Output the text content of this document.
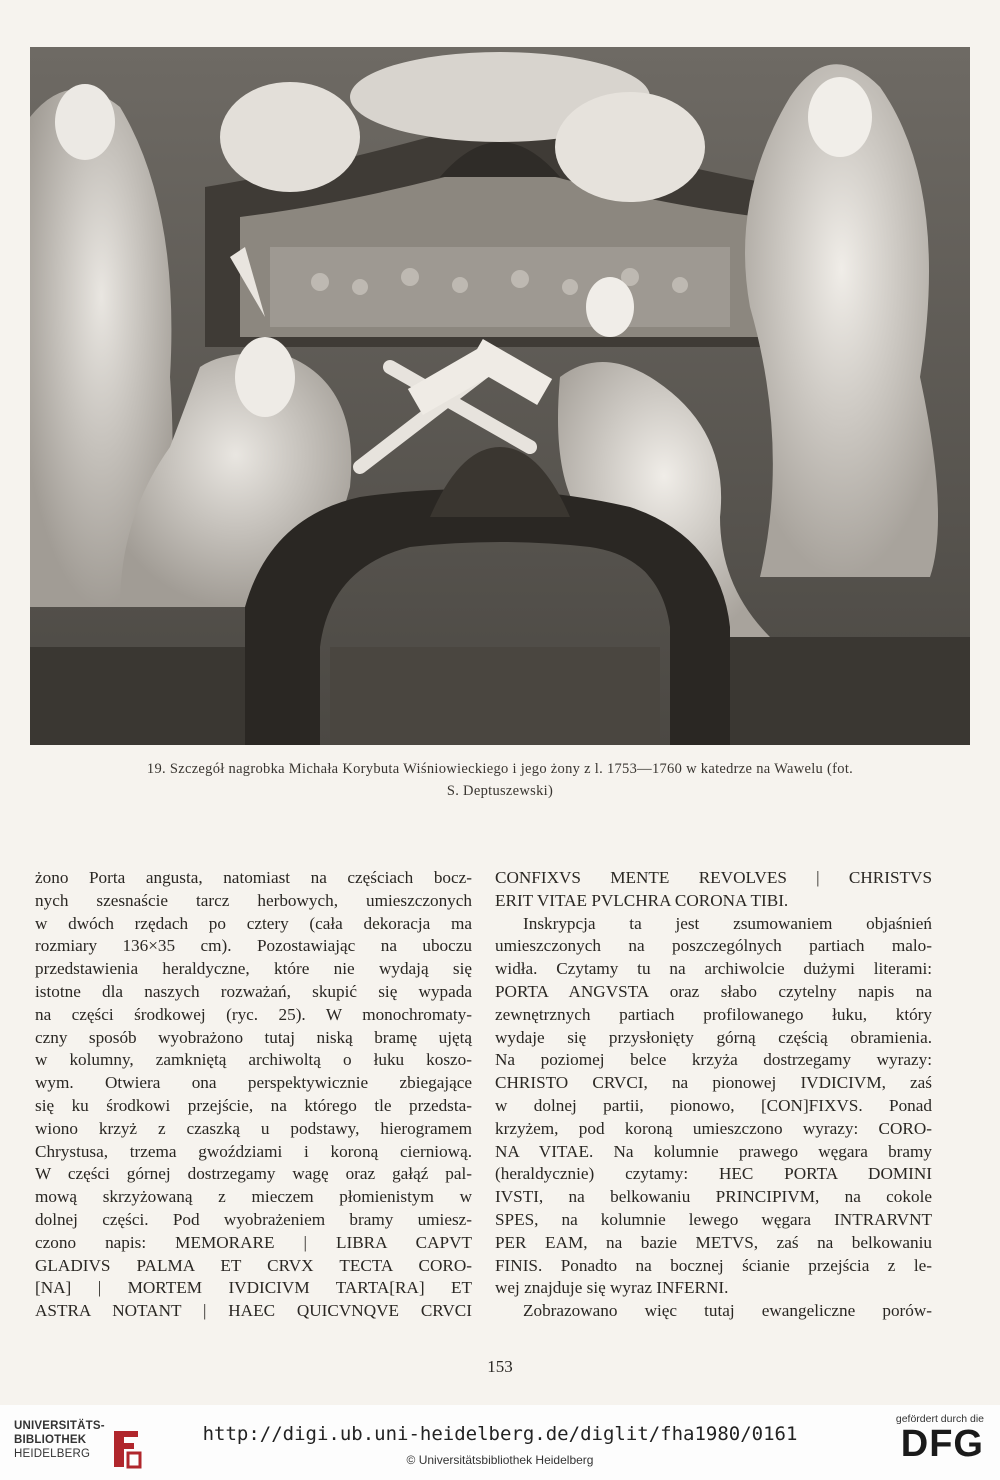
19. Szczegół nagrobka Michała Korybuta Wiśniowieckiego i jego żony z l. 1753—1760 w katedrze na Wawelu (fot.
S. Deptuszewski)
żono Porta angusta, natomiast na częściach bocz-
nych szesnaście tarcz herbowych, umieszczonych
w dwóch rzędach po cztery (cała dekoracja ma
rozmiary 136×35 cm). Pozostawiając na uboczu
przedstawienia heraldyczne, które nie wydają się
istotne dla naszych rozważań, skupić się wypada
na części środkowej (ryc. 25). W monochromaty-
czny sposób wyobrażono tutaj niską bramę ujętą
w kolumny, zamkniętą archiwoltą o łuku koszo-
wym. Otwiera ona perspektywicznie zbiegające
się ku środkowi przejście, na którego tle przedsta-
wiono krzyż z czaszką u podstawy, hierogramem
Chrystusa, trzema gwoździami i koroną cierniową.
W części górnej dostrzegamy wagę oraz gałąź pal-
mową skrzyżowaną z mieczem płomienistym w
dolnej części. Pod wyobrażeniem bramy umiesz-
czono napis: MEMORARE | LIBRA CAPVT
GLADIVS PALMA ET CRVX TECTA CORO-
[NA] | MORTEM IVDICIVM TARTA[RA] ET
ASTRA NOTANT | HAEC QUICVNQVE CRVCI
CONFIXVS MENTE REVOLVES | CHRISTVS
ERIT VITAE PVLCHRA CORONA TIBI.
Inskrypcja ta jest zsumowaniem objaśnień
umieszczonych na poszczególnych partiach malo-
widła. Czytamy tu na archiwolcie dużymi literami:
PORTA ANGVSTA oraz słabo czytelny napis na
zewnętrznych partiach profilowanego łuku, który
wydaje się przysłonięty górną częścią obramienia.
Na poziomej belce krzyża dostrzegamy wyrazy:
CHRISTO CRVCI, na pionowej IVDICIVM, zaś
w dolnej partii, pionowo, [CON]FIXVS. Ponad
krzyżem, pod koroną umieszczono wyrazy: CORO-
NA VITAE. Na kolumnie prawego węgara bramy
(heraldycznie) czytamy: HEC PORTA DOMINI
IVSTI, na belkowaniu PRINCIPIVM, na cokole
SPES, na kolumnie lewego węgara INTRARVNT
PER EAM, na bazie METVS, zaś na belkowaniu
FINIS. Ponadto na bocznej ścianie przejścia z le-
wej znajduje się wyraz INFERNI.
Zobrazowano więc tutaj ewangeliczne porów-
153
UNIVERSITÄTS-
BIBLIOTHEK
HEIDELBERG
http://digi.ub.uni-heidelberg.de/diglit/fha1980/0161
© Universitätsbibliothek Heidelberg
gefördert durch die
DFG
